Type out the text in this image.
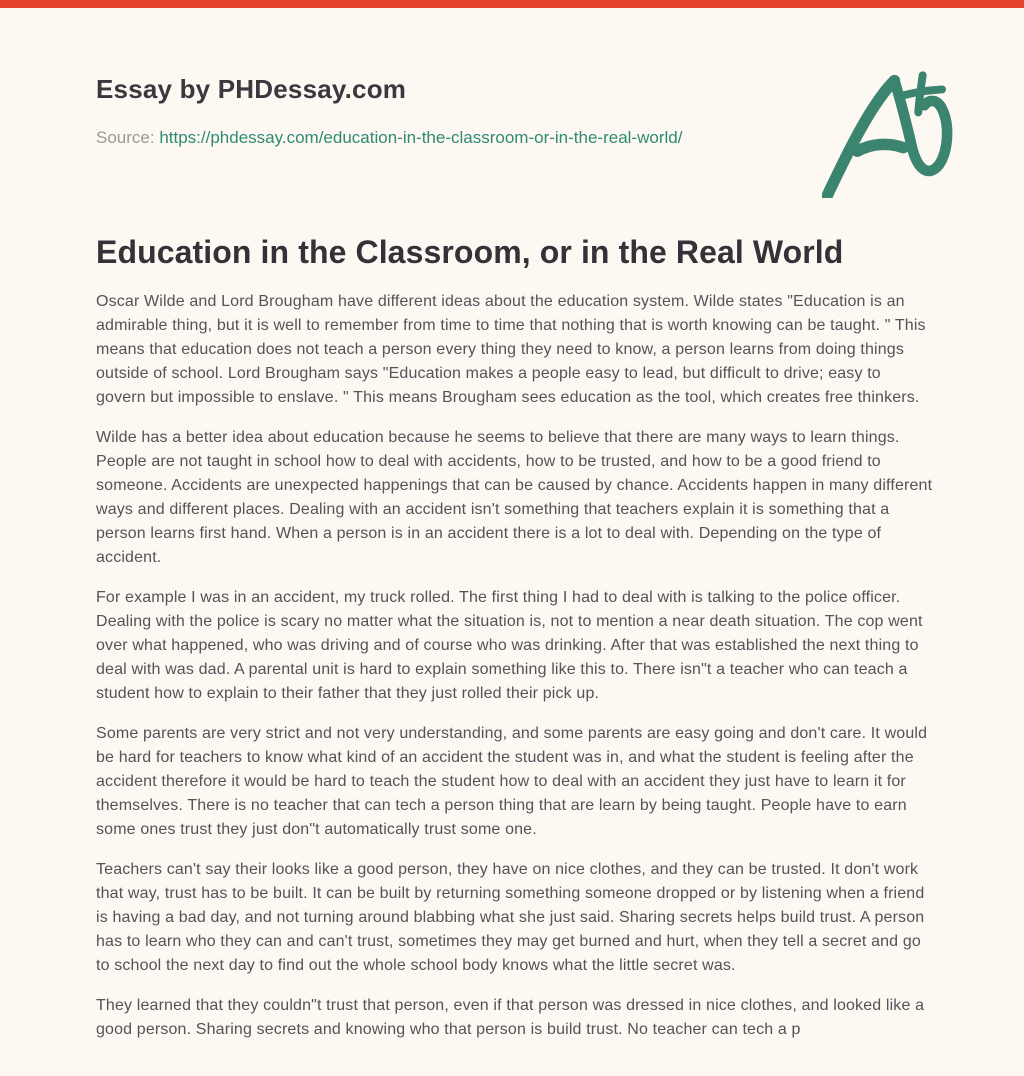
Essay by PHDessay.com

Source: https://phdessay.com/education-in-the-classroom-or-in-the-real-world/

Education in the Classroom, or in the Real World

Oscar Wilde and Lord Brougham have different ideas about the education system. Wilde states "Education is an admirable thing, but it is well to remember from time to time that nothing that is worth knowing can be taught. " This means that education does not teach a person every thing they need to know, a person learns from doing things outside of school. Lord Brougham says "Education makes a people easy to lead, but difficult to drive; easy to govern but impossible to enslave. " This means Brougham sees education as the tool, which creates free thinkers.

Wilde has a better idea about education because he seems to believe that there are many ways to learn things. People are not taught in school how to deal with accidents, how to be trusted, and how to be a good friend to someone. Accidents are unexpected happenings that can be caused by chance. Accidents happen in many different ways and different places. Dealing with an accident isn't something that teachers explain it is something that a person learns first hand. When a person is in an accident there is a lot to deal with. Depending on the type of accident.

For example I was in an accident, my truck rolled. The first thing I had to deal with is talking to the police officer. Dealing with the police is scary no matter what the situation is, not to mention a near death situation. The cop went over what happened, who was driving and of course who was drinking. After that was established the next thing to deal with was dad. A parental unit is hard to explain something like this to. There isn"t a teacher who can teach a student how to explain to their father that they just rolled their pick up.

Some parents are very strict and not very understanding, and some parents are easy going and don't care. It would be hard for teachers to know what kind of an accident the student was in, and what the student is feeling after the accident therefore it would be hard to teach the student how to deal with an accident they just have to learn it for themselves. There is no teacher that can tech a person thing that are learn by being taught. People have to earn some ones trust they just don"t automatically trust some one.

Teachers can't say their looks like a good person, they have on nice clothes, and they can be trusted. It don't work that way, trust has to be built. It can be built by returning something someone dropped or by listening when a friend is having a bad day, and not turning around blabbing what she just said. Sharing secrets helps build trust. A person has to learn who they can and can't trust, sometimes they may get burned and hurt, when they tell a secret and go to school the next day to find out the whole school body knows what the little secret was.

They learned that they couldn"t trust that person, even if that person was dressed in nice clothes, and looked like a good person. Sharing secrets and knowing who that person is build trust. No teacher can tech a p
